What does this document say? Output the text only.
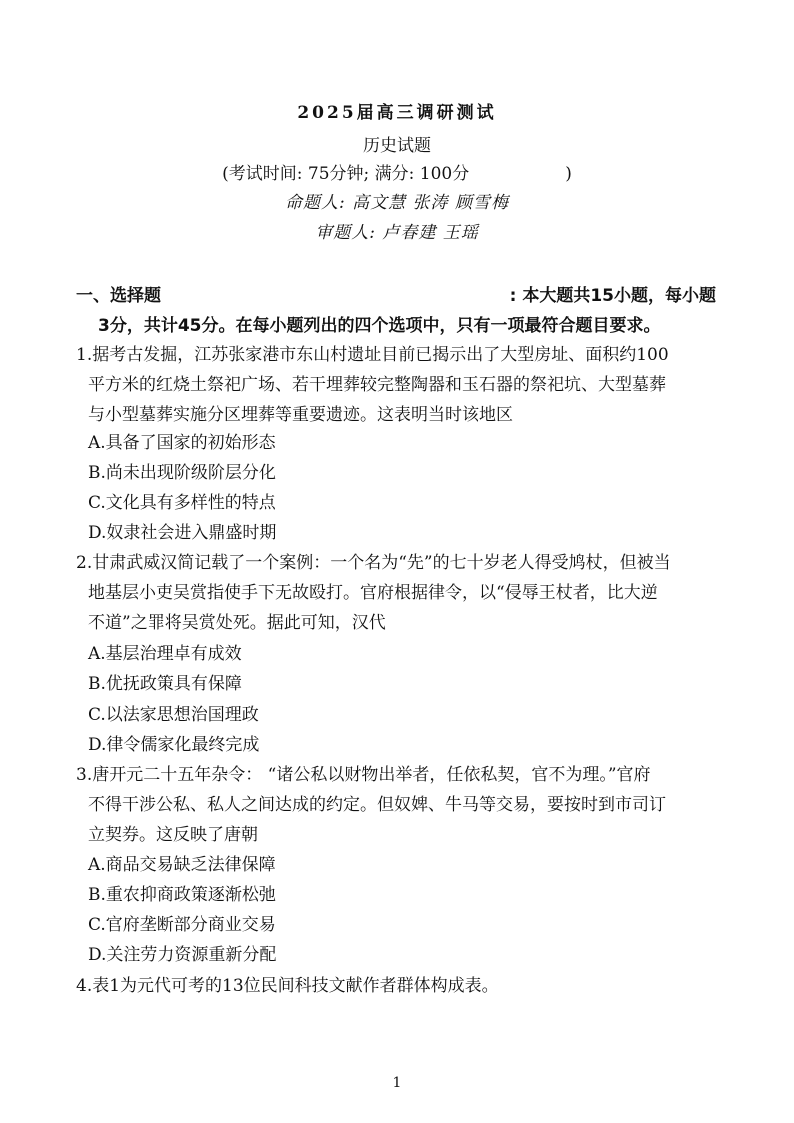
2025届高三调研测试
历史试题
(考试时间: 75分钟; 满分: 100分	)
命题人: 高文慧 张涛 顾雪梅
审题人: 卢春建 王瑶
一、选择题	: 本大题共15小题，每小题
3分，共计45分。在每小题列出的四个选项中，只有一项最符合题目要求。
1.据考古发掘，江苏张家港市东山村遗址目前已揭示出了大型房址、面积约100
平方米的红烧土祭祀广场、若干埋葬较完整陶器和玉石器的祭祀坑、大型墓葬
与小型墓葬实施分区埋葬等重要遗迹。这表明当时该地区
A.具备了国家的初始形态
B.尚未出现阶级阶层分化
C.文化具有多样性的特点
D.奴隶社会进入鼎盛时期
2.甘肃武威汉简记载了一个案例：一个名为“先”的七十岁老人得受鸠杖，但被当
地基层小吏吴赏指使手下无故殴打。官府根据律令，以“侵辱王杖者，比大逆
不道”之罪将吴赏处死。据此可知，汉代
A.基层治理卓有成效
B.优抚政策具有保障
C.以法家思想治国理政
D.律令儒家化最终完成
3.唐开元二十五年杂令： “诸公私以财物出举者，任依私契，官不为理。”官府
不得干涉公私、私人之间达成的约定。但奴婢、牛马等交易，要按时到市司订
立契券。这反映了唐朝
A.商品交易缺乏法律保障
B.重农抑商政策逐渐松弛
C.官府垄断部分商业交易
D.关注劳力资源重新分配
4.表1为元代可考的13位民间科技文献作者群体构成表。
1
